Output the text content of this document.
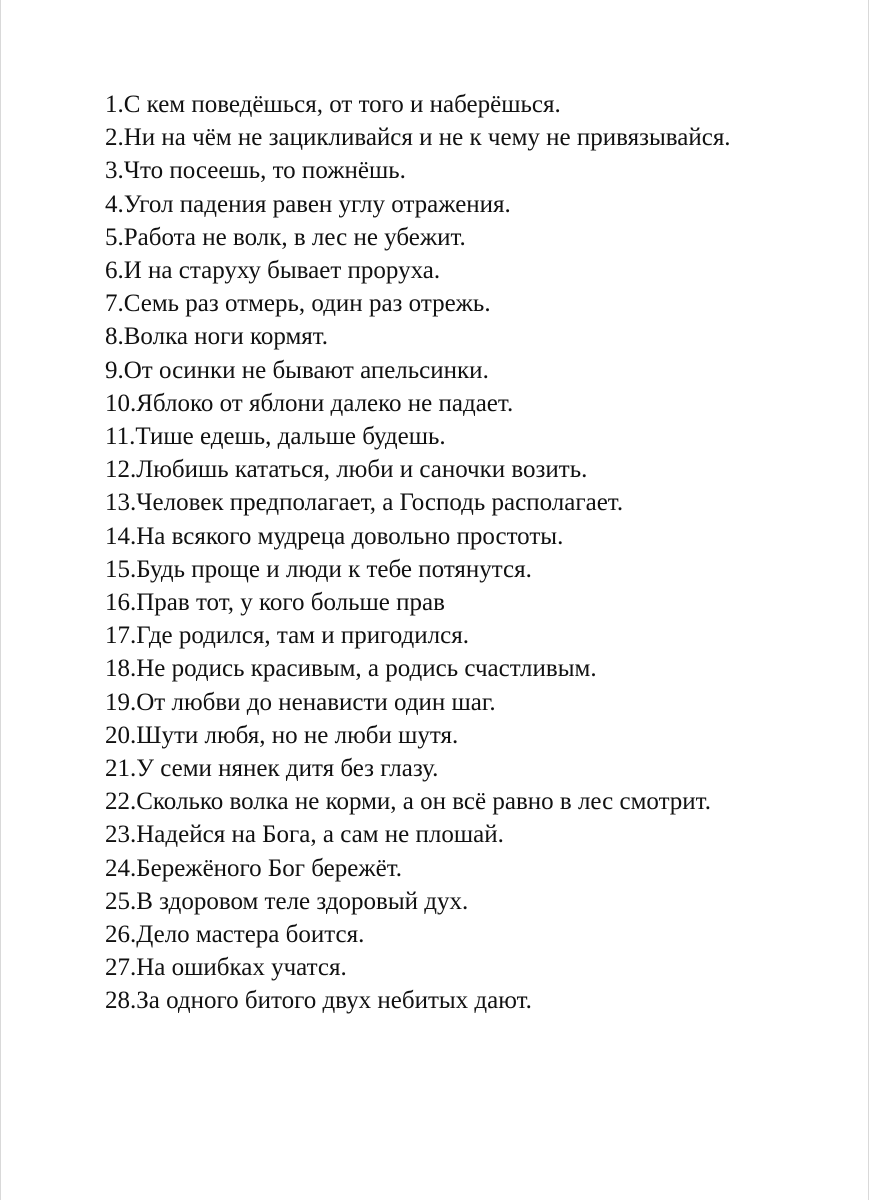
1.С кем поведёшься, от того и наберёшься.
2.Ни на чём не зацикливайся и не к чему не привязывайся.
3.Что посеешь, то пожнёшь.
4.Угол падения равен углу отражения.
5.Работа не волк, в лес не убежит.
6.И на старуху бывает проруха.
7.Семь раз отмерь, один раз отрежь.
8.Волка ноги кормят.
9.От осинки не бывают апельсинки.
10.Яблоко от яблони далеко не падает.
11.Тише едешь, дальше будешь.
12.Любишь кататься, люби и саночки возить.
13.Человек предполагает, а Господь располагает.
14.На всякого мудреца довольно простоты.
15.Будь проще и люди к тебе потянутся.
16.Прав тот, у кого больше прав
17.Где родился, там и пригодился.
18.Не родись красивым, а родись счастливым.
19.От любви до ненависти один шаг.
20.Шути любя, но не люби шутя.
21.У семи нянек дитя без глазу.
22.Сколько волка не корми, а он всё равно в лес смотрит.
23.Надейся на Бога, а сам не плошай.
24.Бережёного Бог бережёт.
25.В здоровом теле здоровый дух.
26.Дело мастера боится.
27.На ошибках учатся.
28.За одного битого двух небитых дают.
